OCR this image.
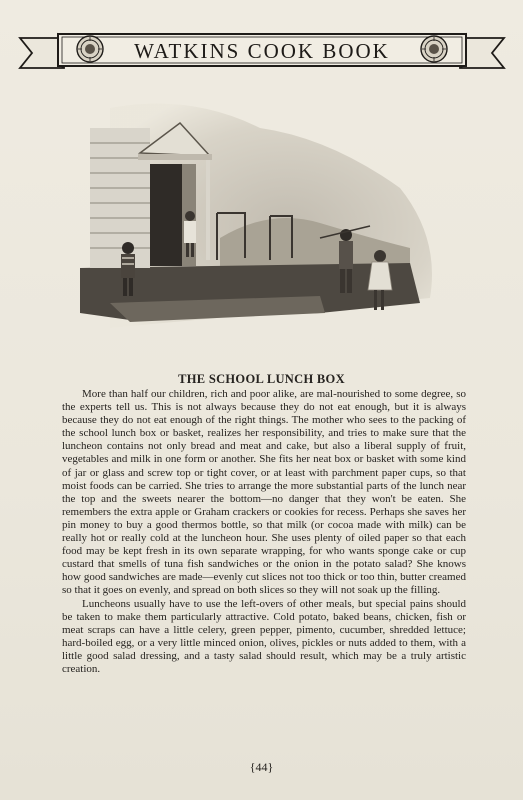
WATKINS COOK BOOK
THE SCHOOL LUNCH BOX

More than half our children, rich and poor alike, are mal-nourished to some degree, so the experts tell us. This is not always because they do not eat enough, but it is always because they do not eat enough of the right things. The mother who sees to the packing of the school lunch box or basket, realizes her responsibility, and tries to make sure that the luncheon contains not only bread and meat and cake, but also a liberal supply of fruit, vegetables and milk in one form or another. She fits her neat box or basket with some kind of jar or glass and screw top or tight cover, or at least with parchment paper cups, so that moist foods can be carried. She tries to arrange the more substantial parts of the lunch near the top and the sweets nearer the bottom—no danger that they won't be eaten. She remembers the extra apple or Graham crackers or cookies for recess. Perhaps she saves her pin money to buy a good thermos bottle, so that milk (or cocoa made with milk) can be really hot or really cold at the luncheon hour. She uses plenty of oiled paper so that each food may be kept fresh in its own separate wrapping, for who wants sponge cake or cup custard that smells of tuna fish sandwiches or the onion in the potato salad? She knows how good sandwiches are made—evenly cut slices not too thick or too thin, butter creamed so that it goes on evenly, and spread on both slices so they will not soak up the filling.

Luncheons usually have to use the left-overs of other meals, but special pains should be taken to make them particularly attractive. Cold potato, baked beans, chicken, fish or meat scraps can have a little celery, green pepper, pimento, cucumber, shredded lettuce; hard-boiled egg, or a very little minced onion, olives, pickles or nuts added to them, with a little good salad dressing, and a tasty salad should result, which may be a truly artistic creation.

{44}
